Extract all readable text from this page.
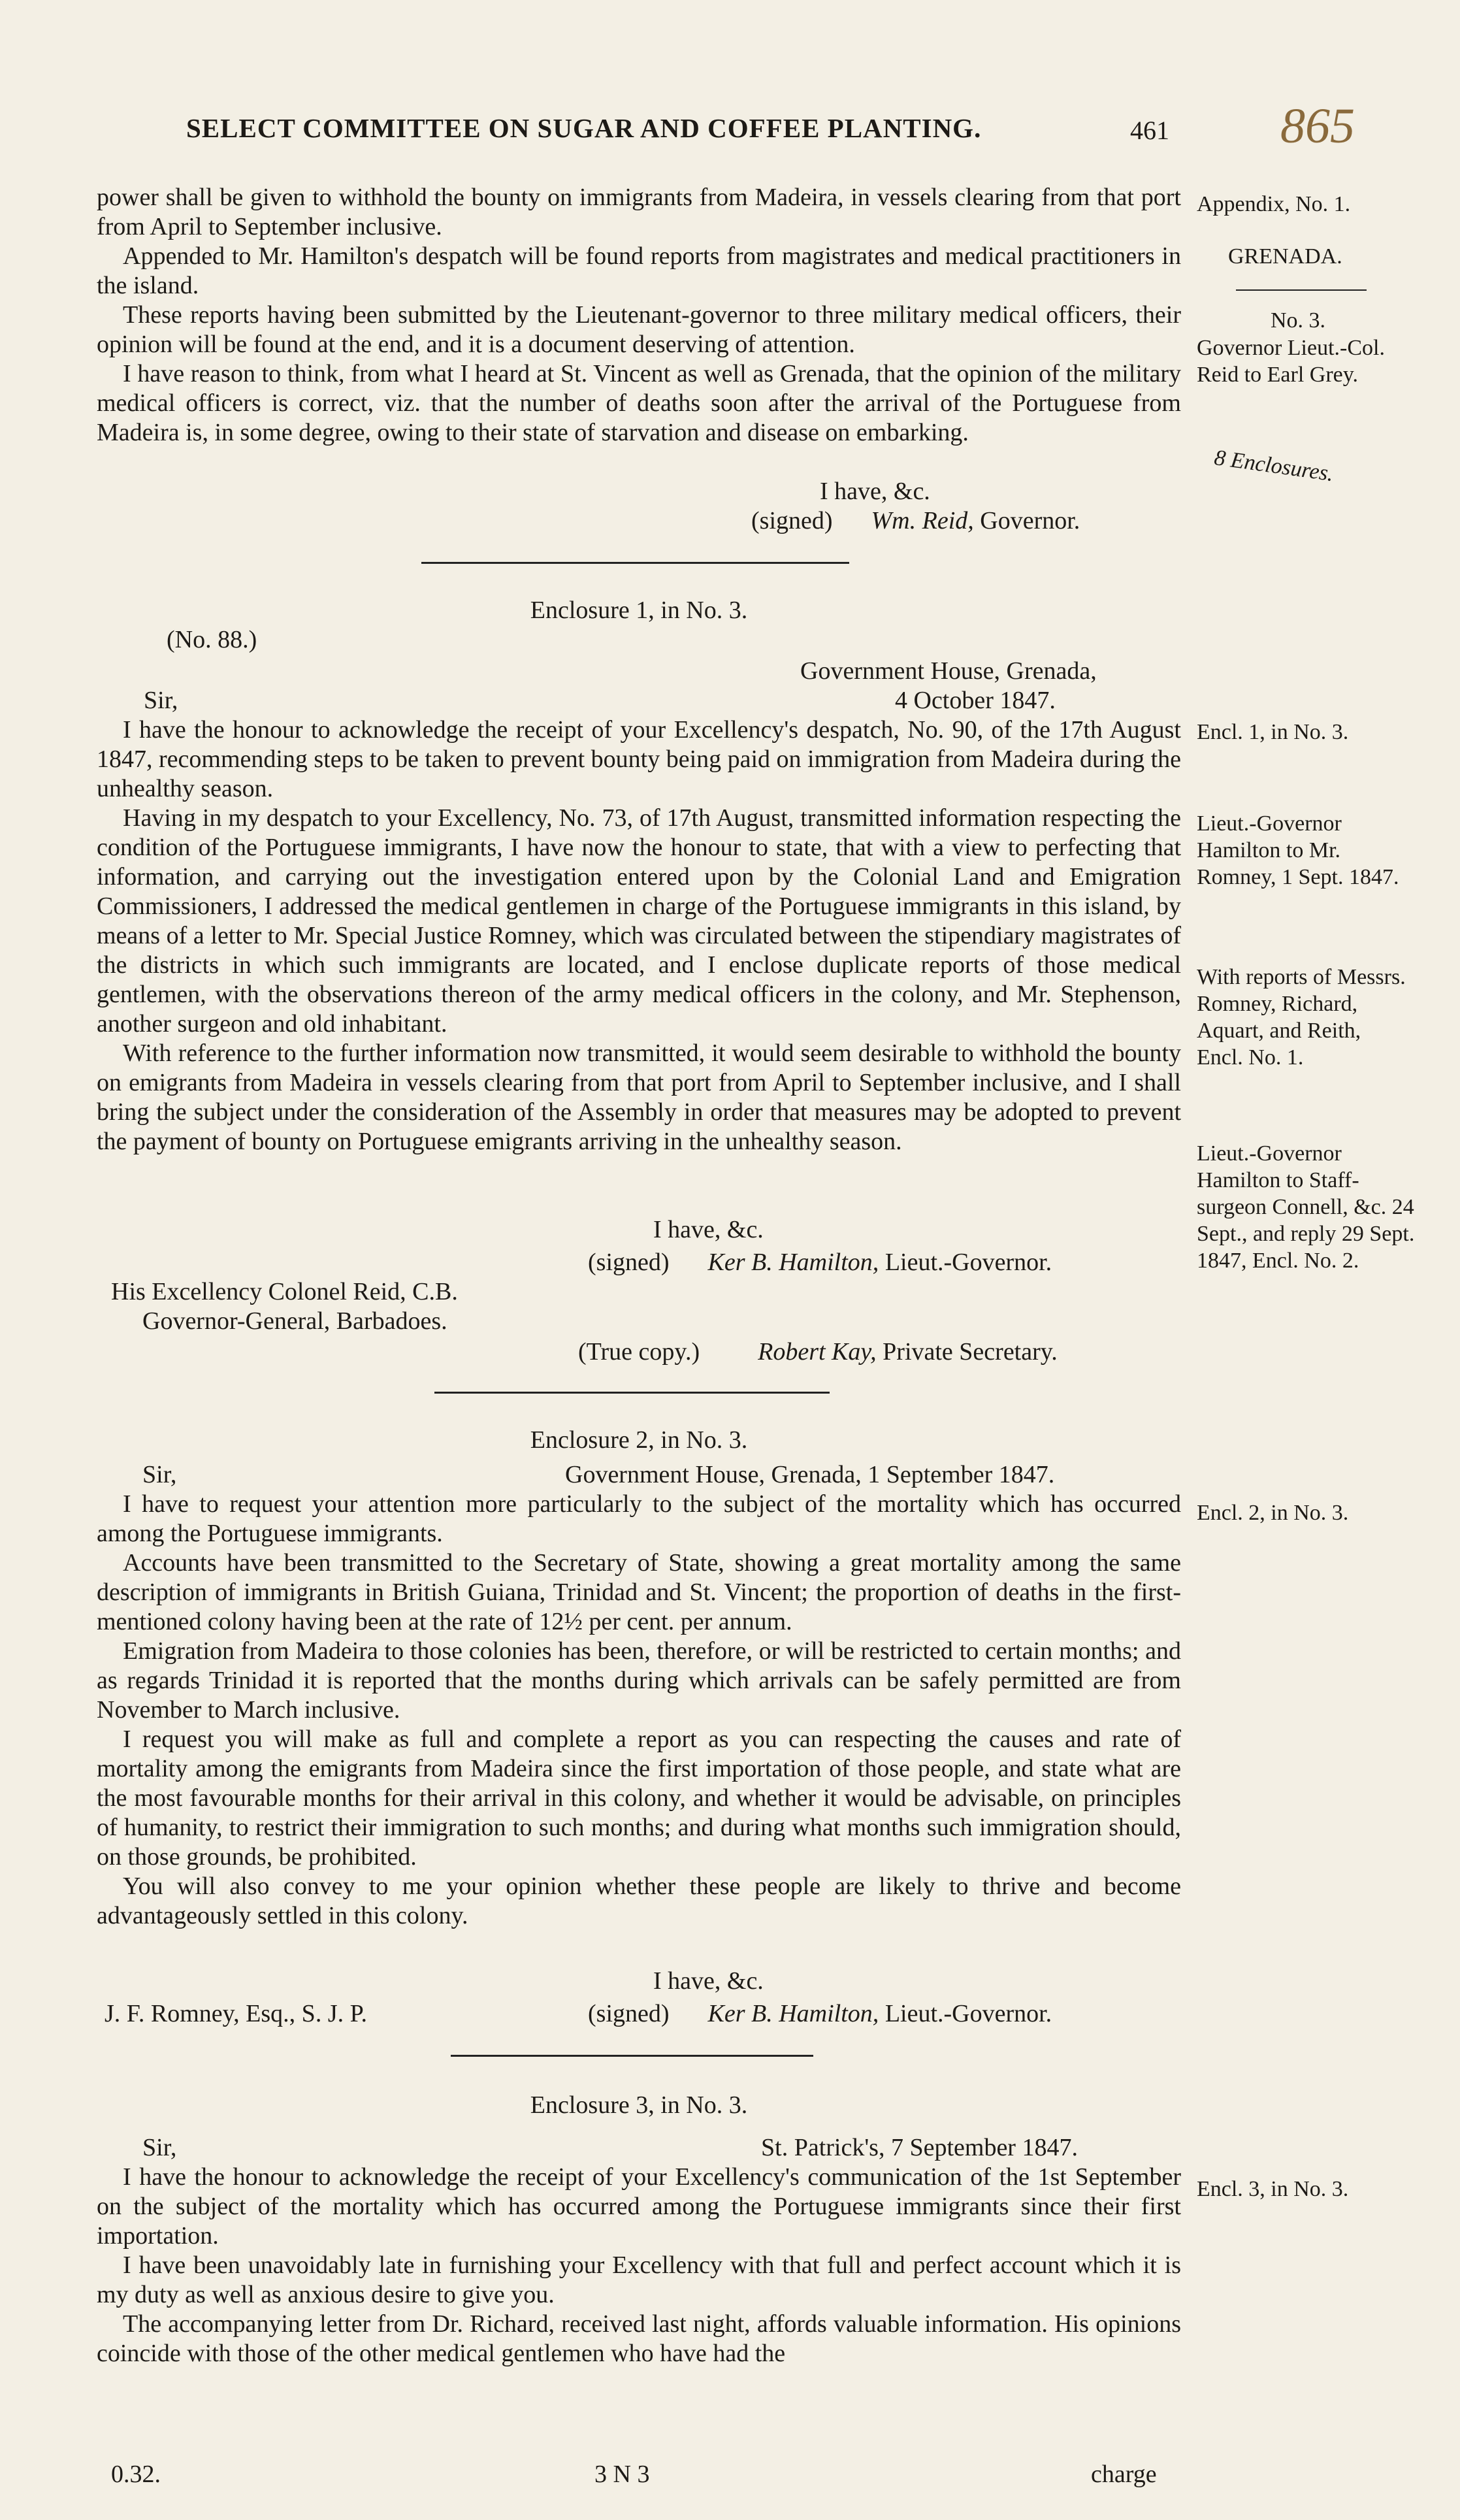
SELECT COMMITTEE ON SUGAR AND COFFEE PLANTING.	461 865

power shall be given to withhold the bounty on immigrants from Madeira, in vessels clearing from that port from April to September inclusive.

Appended to Mr. Hamilton's despatch will be found reports from magistrates and medical practitioners in the island.

These reports having been submitted by the Lieutenant-governor to three military medical officers, their opinion will be found at the end, and it is a document deserving of attention.

I have reason to think, from what I heard at St. Vincent as well as Grenada, that the opinion of the military medical officers is correct, viz. that the number of deaths soon after the arrival of the Portuguese from Madeira is, in some degree, owing to their state of starvation and disease on embarking.

I have, &c.
(signed) Wm. Reid, Governor.
Enclosure 1, in No. 3.
(No. 88.)
Government House, Grenada,
Sir,	4 October 1847.

I have the honour to acknowledge the receipt of your Excellency's despatch, No. 90, of the 17th August 1847, recommending steps to be taken to prevent bounty being paid on immigration from Madeira during the unhealthy season.

Having in my despatch to your Excellency, No. 73, of 17th August, transmitted information respecting the condition of the Portuguese immigrants, I have now the honour to state, that with a view to perfecting that information, and carrying out the investigation entered upon by the Colonial Land and Emigration Commissioners, I addressed the medical gentlemen in charge of the Portuguese immigrants in this island, by means of a letter to Mr. Special Justice Romney, which was circulated between the stipendiary magistrates of the districts in which such immigrants are located, and I enclose duplicate reports of those medical gentlemen, with the observations thereon of the army medical officers in the colony, and Mr. Stephenson, another surgeon and old inhabitant.

With reference to the further information now transmitted, it would seem desirable to withhold the bounty on emigrants from Madeira in vessels clearing from that port from April to September inclusive, and I shall bring the subject under the consideration of the Assembly in order that measures may be adopted to prevent the payment of bounty on Portuguese emigrants arriving in the unhealthy season.

I have, &c.
(signed) Ker B. Hamilton, Lieut.-Governor.
His Excellency Colonel Reid, C.B.
Governor-General, Barbadoes.
(True copy.) Robert Kay, Private Secretary.
Enclosure 2, in No. 3.
Sir,	Government House, Grenada, 1 September 1847.

I have to request your attention more particularly to the subject of the mortality which has occurred among the Portuguese immigrants.

Accounts have been transmitted to the Secretary of State, showing a great mortality among the same description of immigrants in British Guiana, Trinidad and St. Vincent; the proportion of deaths in the first-mentioned colony having been at the rate of 12½ per cent. per annum.

Emigration from Madeira to those colonies has been, therefore, or will be restricted to certain months; and as regards Trinidad it is reported that the months during which arrivals can be safely permitted are from November to March inclusive.

I request you will make as full and complete a report as you can respecting the causes and rate of mortality among the emigrants from Madeira since the first importation of those people, and state what are the most favourable months for their arrival in this colony, and whether it would be advisable, on principles of humanity, to restrict their immigration to such months; and during what months such immigration should, on those grounds, be prohibited.

You will also convey to me your opinion whether these people are likely to thrive and become advantageously settled in this colony.

I have, &c.
J. F. Romney, Esq., S. J. P.	(signed) Ker B. Hamilton, Lieut.-Governor.
Enclosure 3, in No. 3.
Sir,	St. Patrick's, 7 September 1847.

I have the honour to acknowledge the receipt of your Excellency's communication of the 1st September on the subject of the mortality which has occurred among the Portuguese immigrants since their first importation.

I have been unavoidably late in furnishing your Excellency with that full and perfect account which it is my duty as well as anxious desire to give you.

The accompanying letter from Dr. Richard, received last night, affords valuable information. His opinions coincide with those of the other medical gentlemen who have had the

0.32.	3 N 3	charge
Appendix, No. 1.
GRENADA.
No. 3.
Governor Lieut.-Col. Reid to Earl Grey.
8 Enclosures.
Encl. 1, in No. 3.
Lieut.-Governor Hamilton to Mr. Romney, 1 Sept. 1847.
With reports of Messrs. Romney, Richard, Aquart, and Reith, Encl. No. 1.
Lieut.-Governor Hamilton to Staff-surgeon Connell, &c. 24 Sept., and reply 29 Sept. 1847, Encl. No. 2.
Encl. 2, in No. 3.
Encl. 3, in No. 3.
